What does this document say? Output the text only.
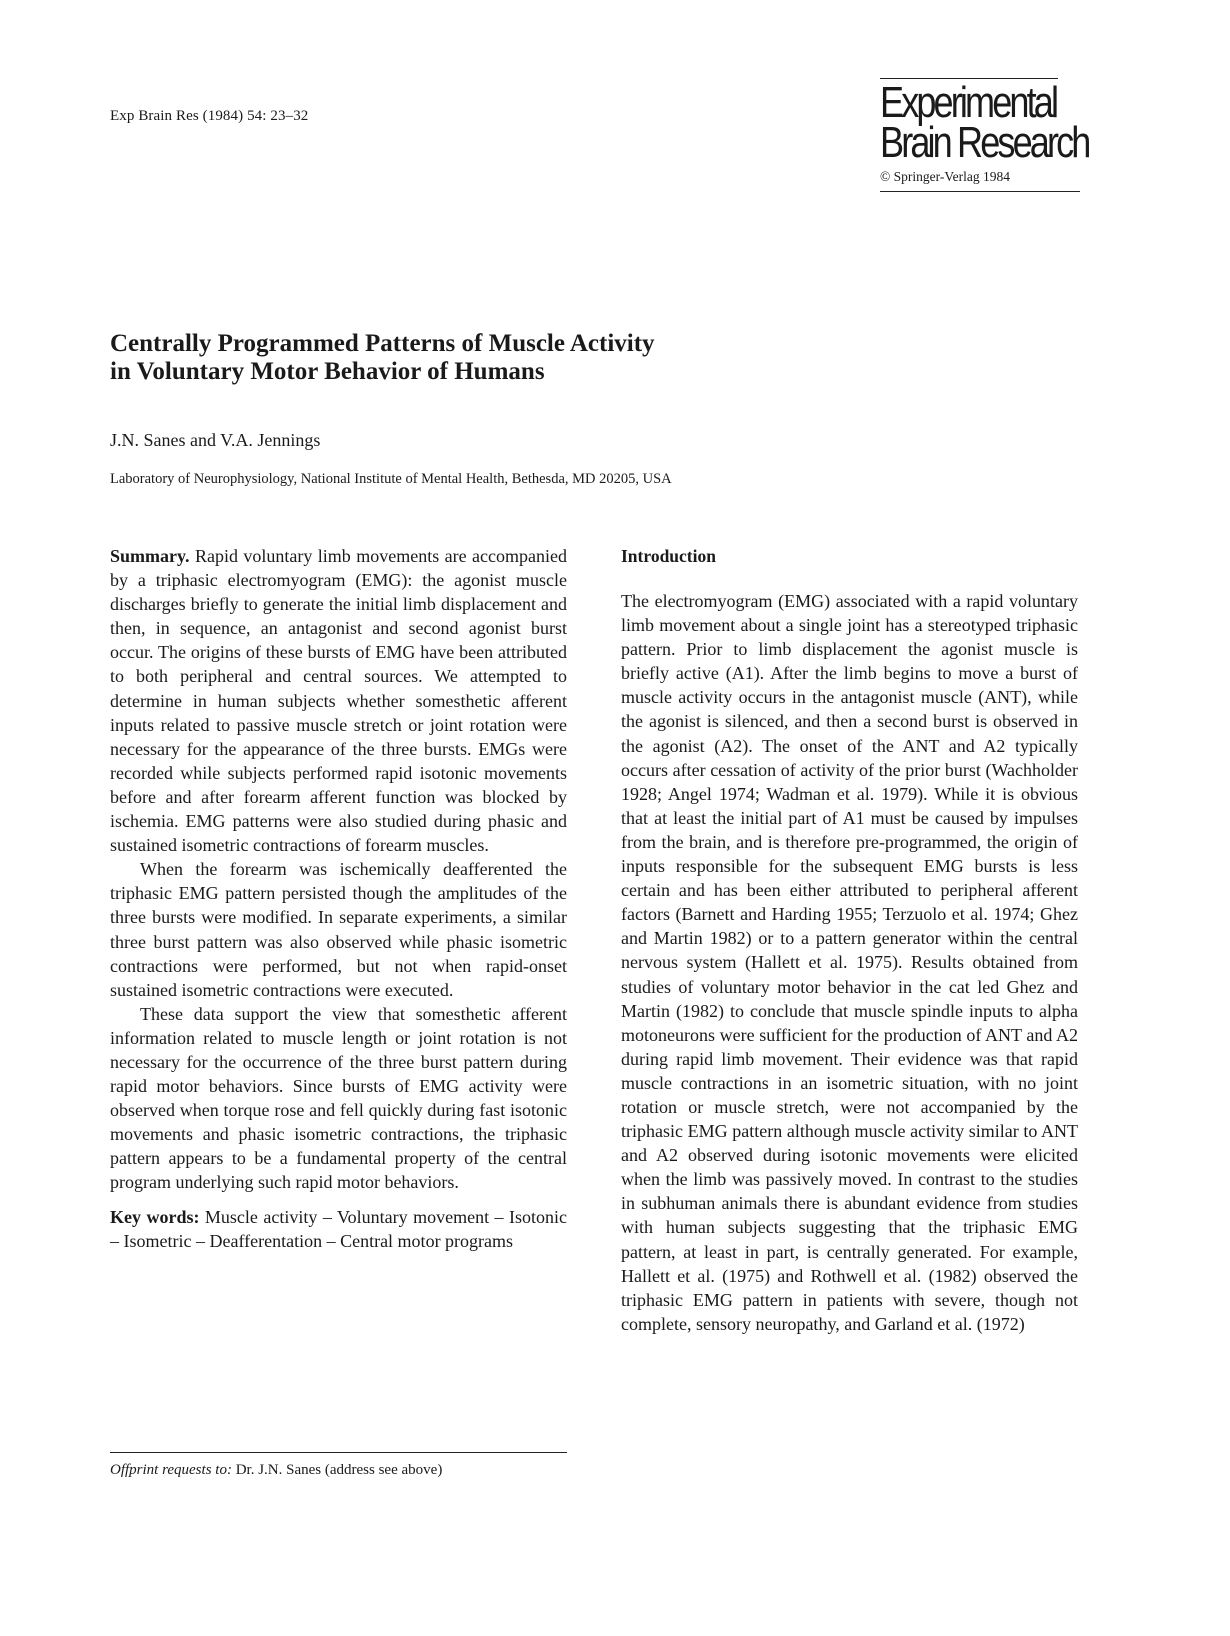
Exp Brain Res (1984) 54: 23–32	Experimental
Brain Research
© Springer-Verlag 1984
Centrally Programmed Patterns of Muscle Activity
in Voluntary Motor Behavior of Humans
J.N. Sanes and V.A. Jennings
Laboratory of Neurophysiology, National Institute of Mental Health, Bethesda, MD 20205, USA

Summary. Rapid voluntary limb movements are accompanied by a triphasic electromyogram (EMG): the agonist muscle discharges briefly to generate the initial limb displacement and then, in sequence, an antagonist and second agonist burst occur. The origins of these bursts of EMG have been attributed to both peripheral and central sources. We attempted to determine in human subjects whether somesthetic afferent inputs related to passive muscle stretch or joint rotation were necessary for the appearance of the three bursts. EMGs were recorded while subjects performed rapid isotonic movements before and after forearm afferent function was blocked by ischemia. EMG patterns were also studied during phasic and sustained isometric contractions of forearm muscles.

When the forearm was ischemically deafferented the triphasic EMG pattern persisted though the amplitudes of the three bursts were modified. In separate experiments, a similar three burst pattern was also observed while phasic isometric contractions were performed, but not when rapid-onset sustained isometric contractions were executed.

These data support the view that somesthetic afferent information related to muscle length or joint rotation is not necessary for the occurrence of the three burst pattern during rapid motor behaviors. Since bursts of EMG activity were observed when torque rose and fell quickly during fast isotonic movements and phasic isometric contractions, the triphasic pattern appears to be a fundamental property of the central program underlying such rapid motor behaviors.

Key words: Muscle activity – Voluntary movement – Isotonic – Isometric – Deafferentation – Central motor programs

Offprint requests to: Dr. J.N. Sanes (address see above)
Introduction

The electromyogram (EMG) associated with a rapid voluntary limb movement about a single joint has a stereotyped triphasic pattern. Prior to limb displacement the agonist muscle is briefly active (A1). After the limb begins to move a burst of muscle activity occurs in the antagonist muscle (ANT), while the agonist is silenced, and then a second burst is observed in the agonist (A2). The onset of the ANT and A2 typically occurs after cessation of activity of the prior burst (Wachholder 1928; Angel 1974; Wadman et al. 1979). While it is obvious that at least the initial part of A1 must be caused by impulses from the brain, and is therefore pre-programmed, the origin of inputs responsible for the subsequent EMG bursts is less certain and has been either attributed to peripheral afferent factors (Barnett and Harding 1955; Terzuolo et al. 1974; Ghez and Martin 1982) or to a pattern generator within the central nervous system (Hallett et al. 1975). Results obtained from studies of voluntary motor behavior in the cat led Ghez and Martin (1982) to conclude that muscle spindle inputs to alpha motoneurons were sufficient for the production of ANT and A2 during rapid limb movement. Their evidence was that rapid muscle contractions in an isometric situation, with no joint rotation or muscle stretch, were not accompanied by the triphasic EMG pattern although muscle activity similar to ANT and A2 observed during isotonic movements were elicited when the limb was passively moved. In contrast to the studies in subhuman animals there is abundant evidence from studies with human subjects suggesting that the triphasic EMG pattern, at least in part, is centrally generated. For example, Hallett et al. (1975) and Rothwell et al. (1982) observed the triphasic EMG pattern in patients with severe, though not complete, sensory neuropathy, and Garland et al. (1972)
